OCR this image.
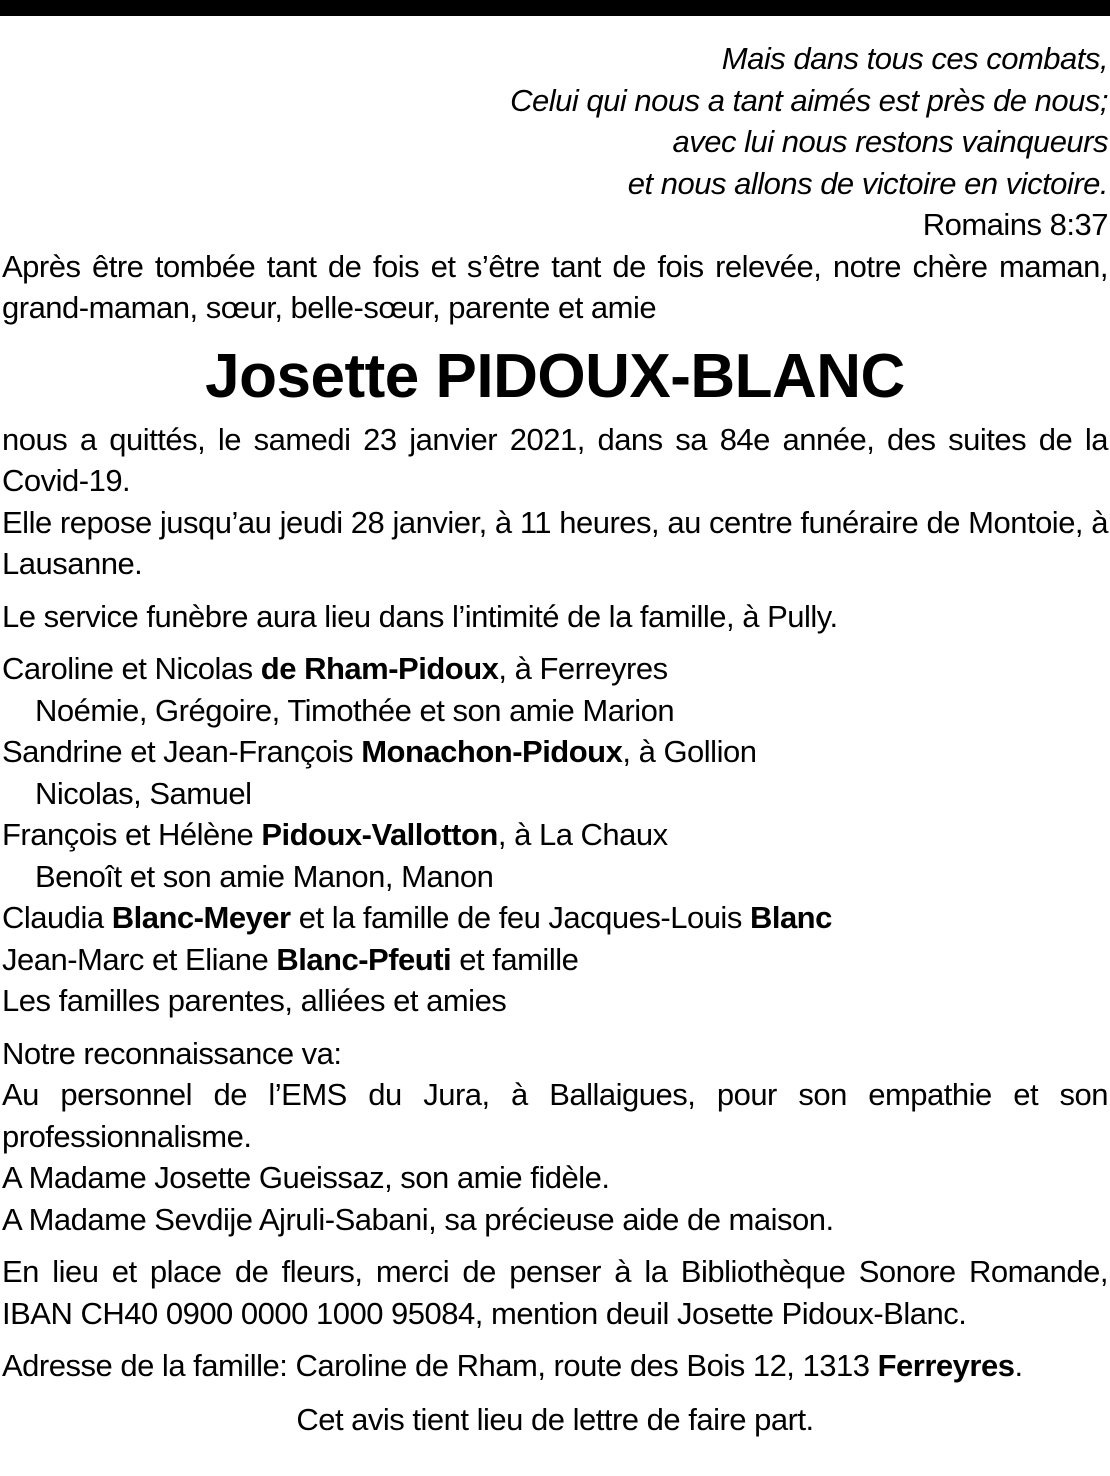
Mais dans tous ces combats,
Celui qui nous a tant aimés est près de nous;
avec lui nous restons vainqueurs
et nous allons de victoire en victoire.
Romains 8:37

Après être tombée tant de fois et s’être tant de fois relevée, notre chère maman, grand-maman, sœur, belle-sœur, parente et amie

Josette PIDOUX-BLANC

nous a quittés, le samedi 23 janvier 2021, dans sa 84e année, des suites de la Covid-19.

Elle repose jusqu’au jeudi 28 janvier, à 11 heures, au centre funéraire de Montoie, à Lausanne.

Le service funèbre aura lieu dans l’intimité de la famille, à Pully.

Caroline et Nicolas de Rham-Pidoux, à Ferreyres

Noémie, Grégoire, Timothée et son amie Marion

Sandrine et Jean-François Monachon-Pidoux, à Gollion

Nicolas, Samuel

François et Hélène Pidoux-Vallotton, à La Chaux

Benoît et son amie Manon, Manon

Claudia Blanc-Meyer et la famille de feu Jacques-Louis Blanc

Jean-Marc et Eliane Blanc-Pfeuti et famille

Les familles parentes, alliées et amies

Notre reconnaissance va:

Au personnel de l’EMS du Jura, à Ballaigues, pour son empathie et son professionnalisme.

A Madame Josette Gueissaz, son amie fidèle.

A Madame Sevdije Ajruli-Sabani, sa précieuse aide de maison.

En lieu et place de fleurs, merci de penser à la Bibliothèque Sonore Romande, IBAN CH40 0900 0000 1000 95084, mention deuil Josette Pidoux-Blanc.

Adresse de la famille: Caroline de Rham, route des Bois 12, 1313 Ferreyres.

Cet avis tient lieu de lettre de faire part.
